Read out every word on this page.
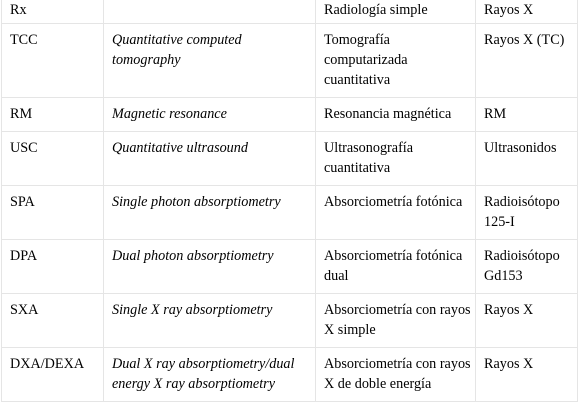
Rx		Radiología simple	Rayos X
TCC	Quantitative computed tomography	Tomografía computarizada cuantitativa	Rayos X (TC)
RM	Magnetic resonance	Resonancia magnética	RM
USC	Quantitative ultrasound	Ultrasonografía cuantitativa	Ultrasonidos
SPA	Single photon absorptiometry	Absorciometría fotónica	Radioisótopo 125-I
DPA	Dual photon absorptiometry	Absorciometría fotónica dual	Radioisótopo Gd153
SXA	Single X ray absorptiometry	Absorciometría con rayos X simple	Rayos X
DXA/DEXA	Dual X ray absorptiometry/dual energy X ray absorptiometry	Absorciometría con rayos X de doble energía	Rayos X
